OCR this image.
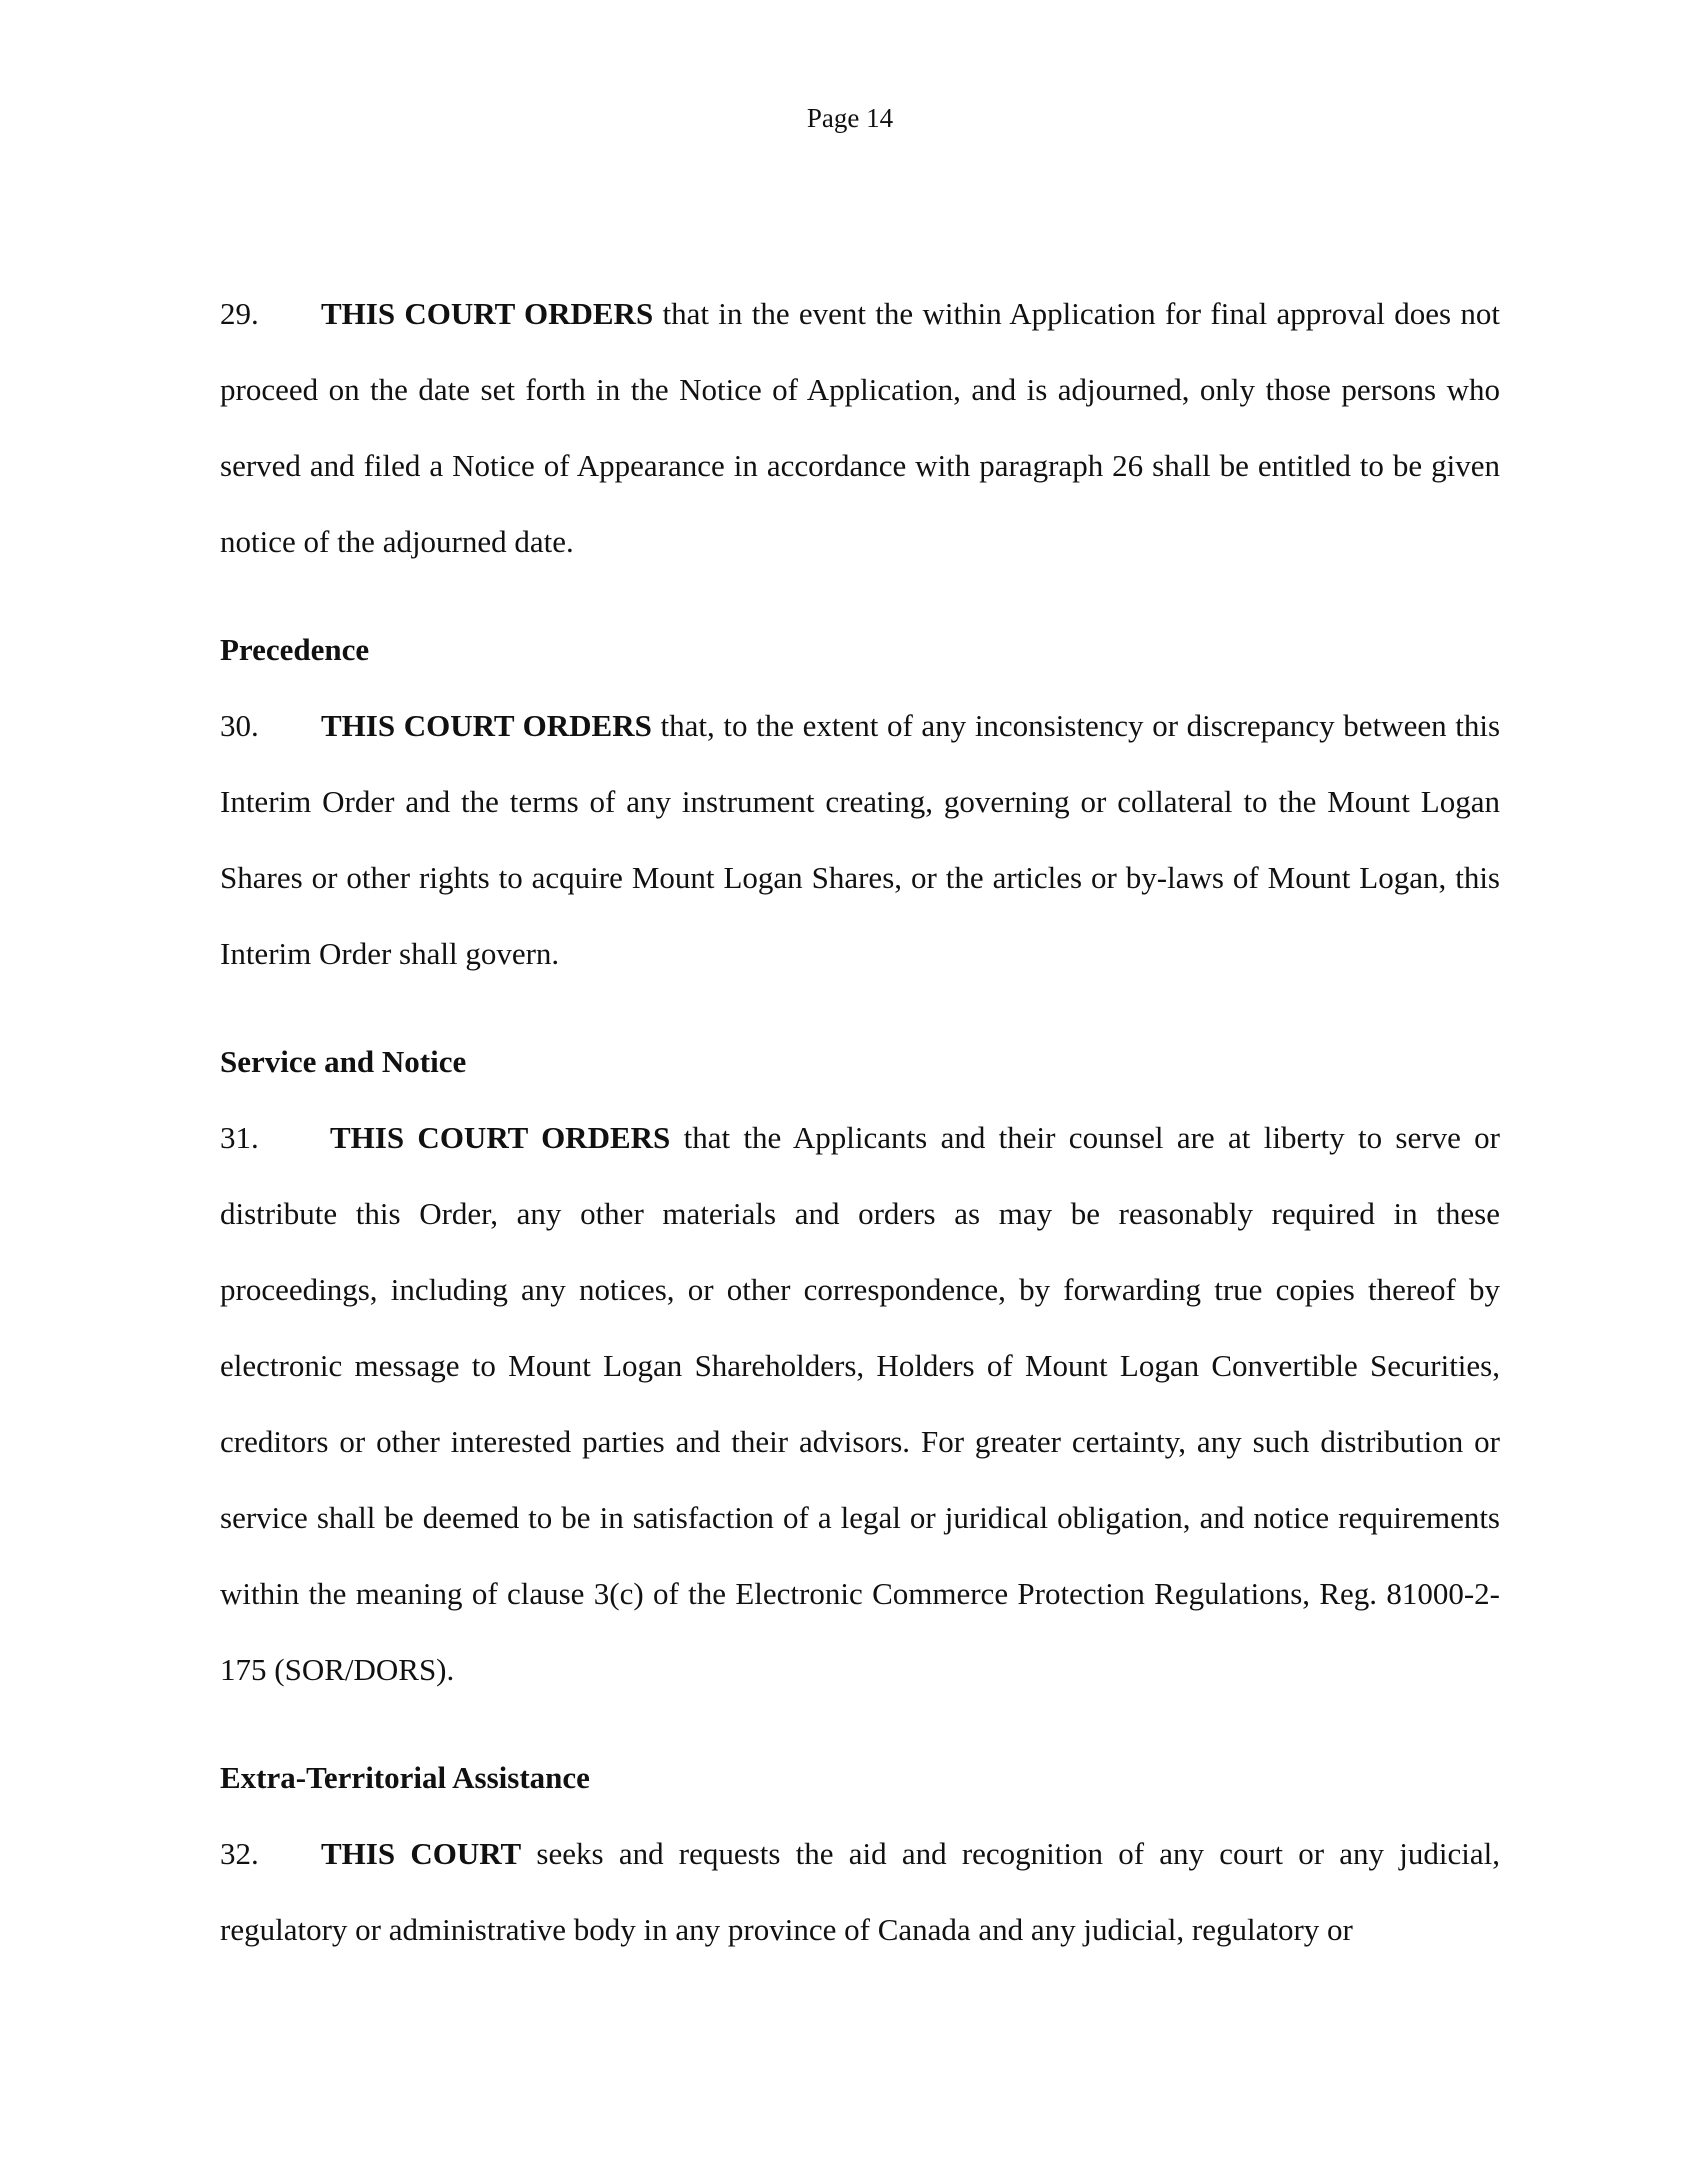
Page 14

29. THIS COURT ORDERS that in the event the within Application for final approval does not proceed on the date set forth in the Notice of Application, and is adjourned, only those persons who served and filed a Notice of Appearance in accordance with paragraph 26 shall be entitled to be given notice of the adjourned date.

Precedence

30. THIS COURT ORDERS that, to the extent of any inconsistency or discrepancy between this Interim Order and the terms of any instrument creating, governing or collateral to the Mount Logan Shares or other rights to acquire Mount Logan Shares, or the articles or by-laws of Mount Logan, this Interim Order shall govern.

Service and Notice

31. THIS COURT ORDERS that the Applicants and their counsel are at liberty to serve or distribute this Order, any other materials and orders as may be reasonably required in these proceedings, including any notices, or other correspondence, by forwarding true copies thereof by electronic message to Mount Logan Shareholders, Holders of Mount Logan Convertible Securities, creditors or other interested parties and their advisors. For greater certainty, any such distribution or service shall be deemed to be in satisfaction of a legal or juridical obligation, and notice requirements within the meaning of clause 3(c) of the Electronic Commerce Protection Regulations, Reg. 81000-2-175 (SOR/DORS).

Extra-Territorial Assistance

32. THIS COURT seeks and requests the aid and recognition of any court or any judicial, regulatory or administrative body in any province of Canada and any judicial, regulatory or
